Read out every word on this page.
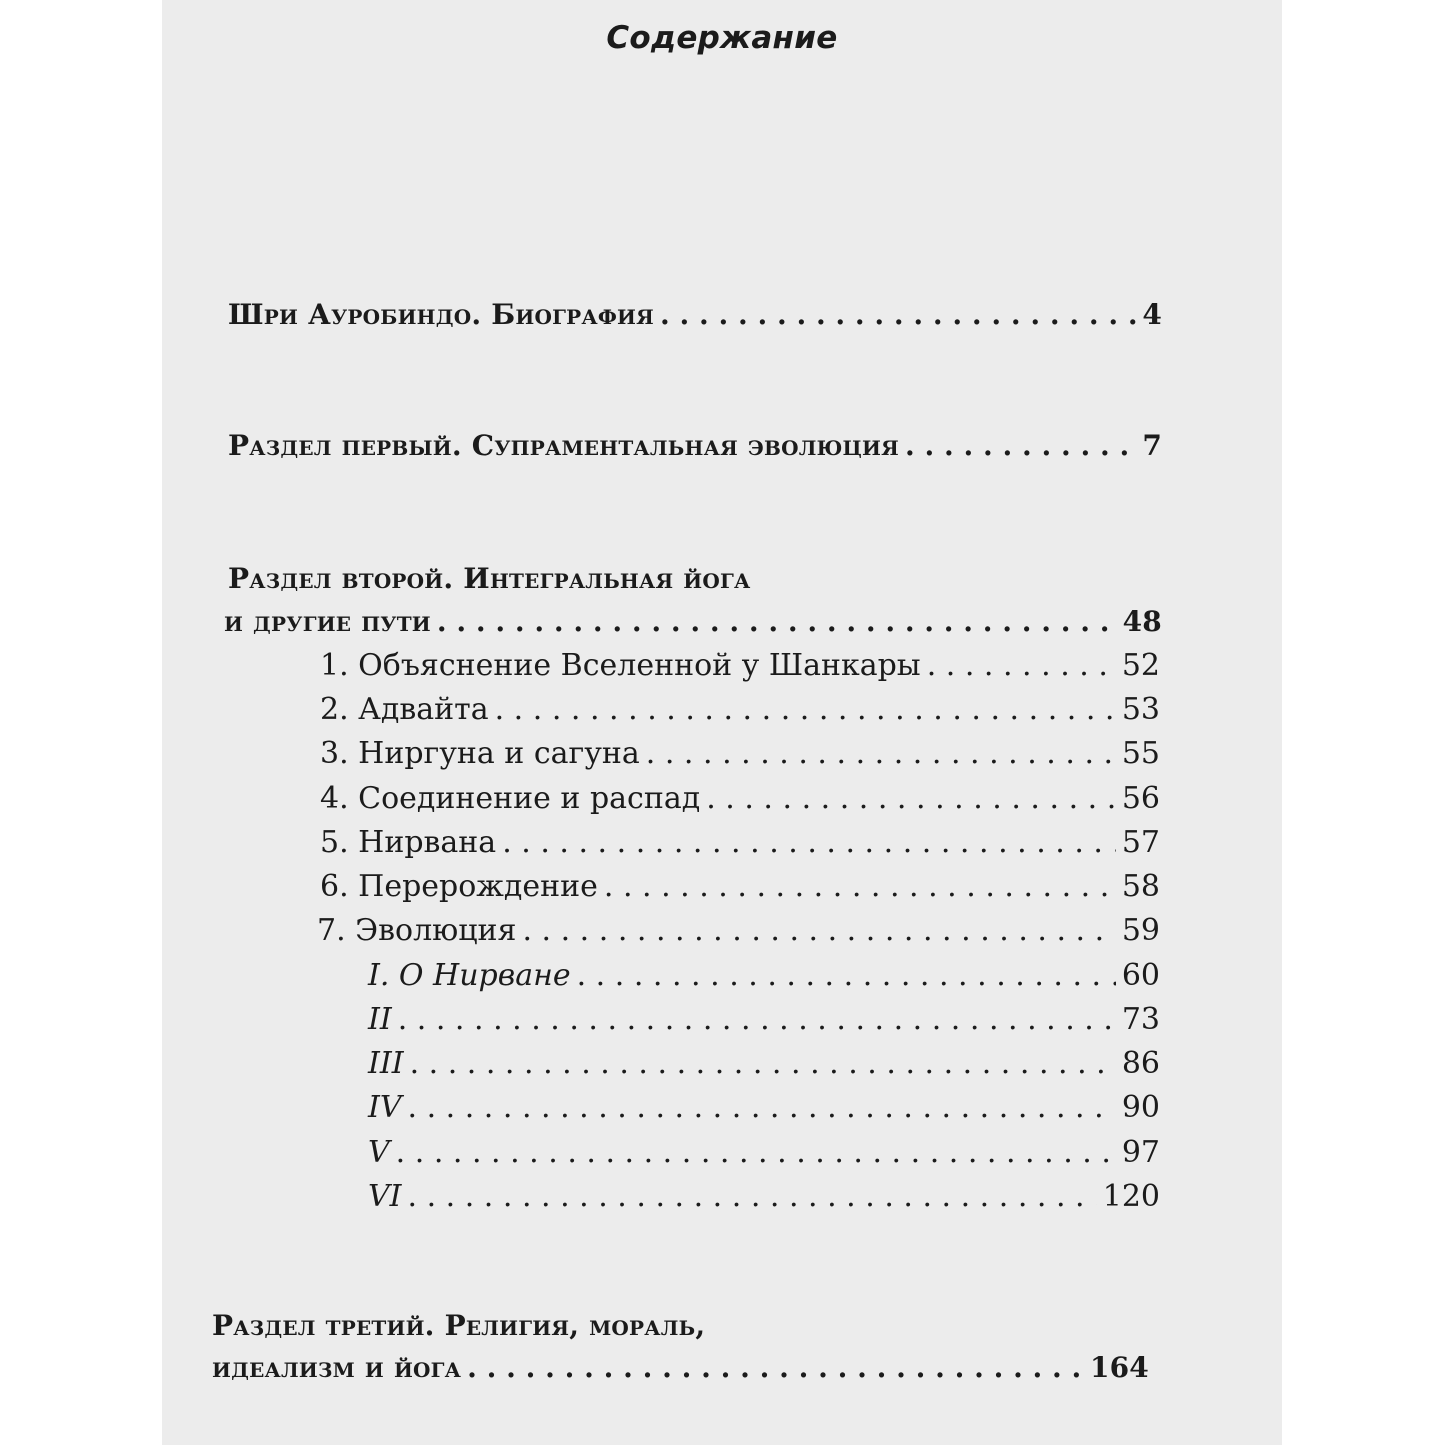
Содержание
Шри Ауробиндо. Биография . . .	4
Раздел первый. Супраментальная эволюция . . .	7
Раздел второй. Интегральная йога
и другие пути . . .	48
1. Объяснение Вселенной у Шанкары . . .	52
2. Адвайта . . .	53
3. Ниргуна и сагуна . . .	55
4. Соединение и распад . . .	56
5. Нирвана . . .	57
6. Перерождение . . .	58
7. Эволюция . . .	59
I. О Нирване . . .	60
II . . .	73
III . . .	86
IV . . .	90
V . . .	97
VI . . .	120
Раздел третий. Религия, мораль,
идеализм и йога . . .	164
